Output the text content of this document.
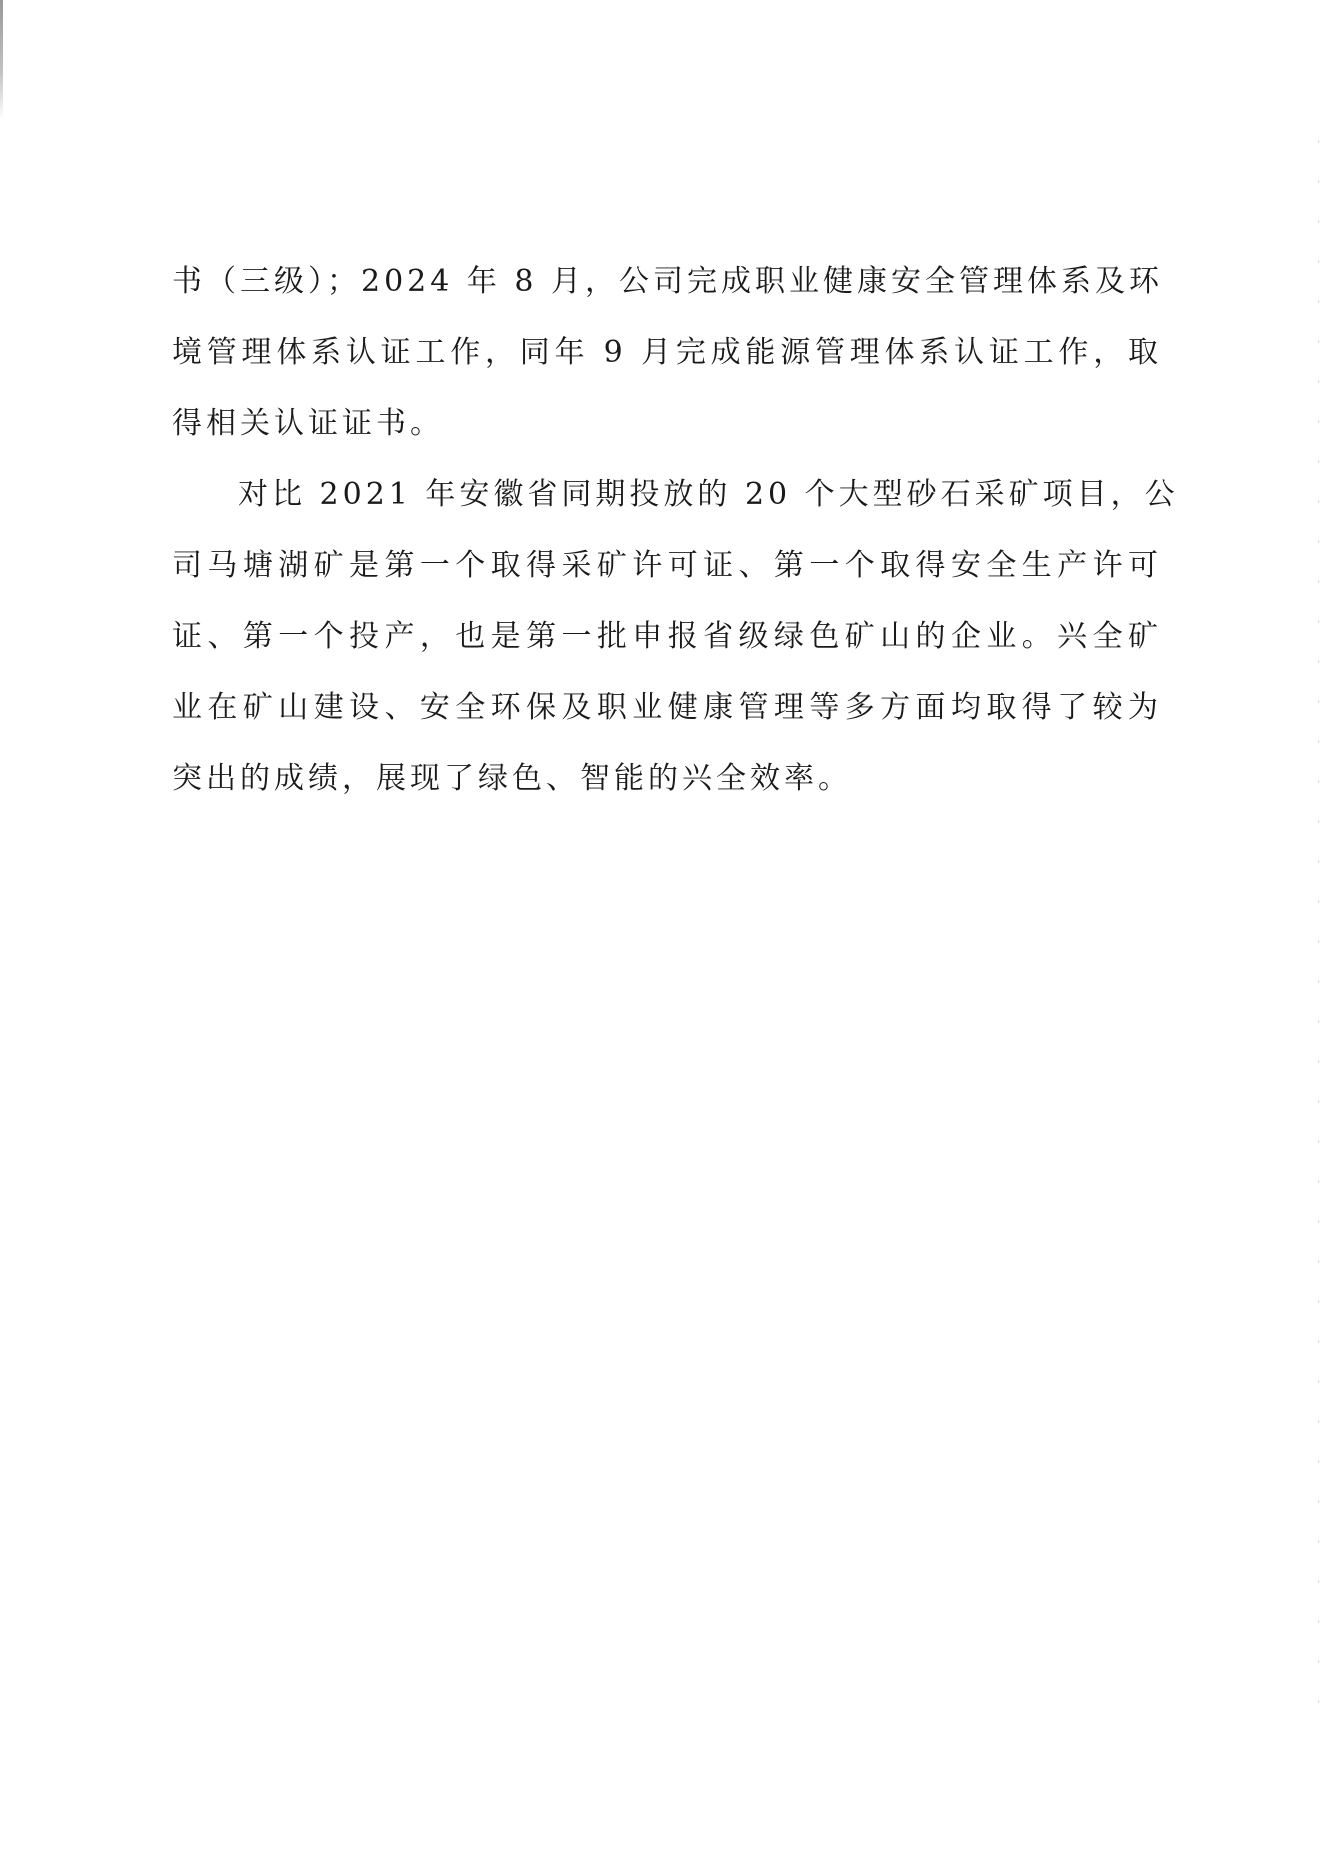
书（三级）；2024 年 8 月，公司完成职业健康安全管理体系及环
境管理体系认证工作，同年 9 月完成能源管理体系认证工作，取
得相关认证证书。
对比 2021 年安徽省同期投放的 20 个大型砂石采矿项目，公
司马塘湖矿是第一个取得采矿许可证、第一个取得安全生产许可
证、第一个投产，也是第一批申报省级绿色矿山的企业。兴全矿
业在矿山建设、安全环保及职业健康管理等多方面均取得了较为
突出的成绩，展现了绿色、智能的兴全效率。
